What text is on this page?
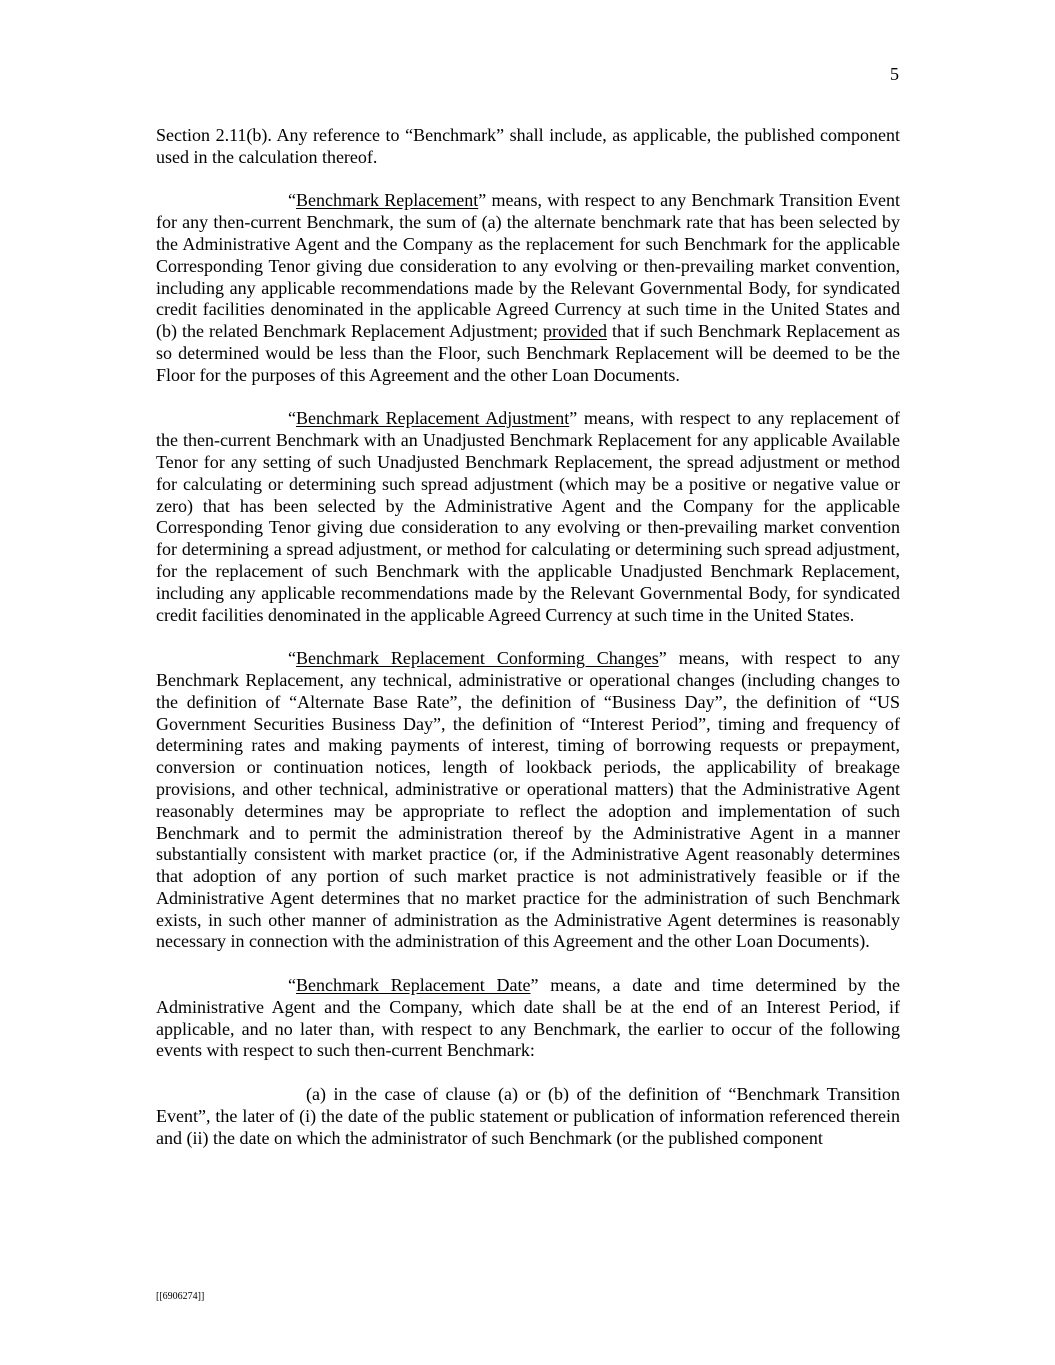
5

Section 2.11(b). Any reference to “Benchmark” shall include, as applicable, the published component used in the calculation thereof.

“Benchmark Replacement” means, with respect to any Benchmark Transition Event for any then-current Benchmark, the sum of (a) the alternate benchmark rate that has been selected by the Administrative Agent and the Company as the replacement for such Benchmark for the applicable Corresponding Tenor giving due consideration to any evolving or then-prevailing market convention, including any applicable recommendations made by the Relevant Governmental Body, for syndicated credit facilities denominated in the applicable Agreed Currency at such time in the United States and (b) the related Benchmark Replacement Adjustment; provided that if such Benchmark Replacement as so determined would be less than the Floor, such Benchmark Replacement will be deemed to be the Floor for the purposes of this Agreement and the other Loan Documents.

“Benchmark Replacement Adjustment” means, with respect to any replacement of the then-current Benchmark with an Unadjusted Benchmark Replacement for any applicable Available Tenor for any setting of such Unadjusted Benchmark Replacement, the spread adjustment or method for calculating or determining such spread adjustment (which may be a positive or negative value or zero) that has been selected by the Administrative Agent and the Company for the applicable Corresponding Tenor giving due consideration to any evolving or then-prevailing market convention for determining a spread adjustment, or method for calculating or determining such spread adjustment, for the replacement of such Benchmark with the applicable Unadjusted Benchmark Replacement, including any applicable recommendations made by the Relevant Governmental Body, for syndicated credit facilities denominated in the applicable Agreed Currency at such time in the United States.

“Benchmark Replacement Conforming Changes” means, with respect to any Benchmark Replacement, any technical, administrative or operational changes (including changes to the definition of “Alternate Base Rate”, the definition of “Business Day”, the definition of “US Government Securities Business Day”, the definition of “Interest Period”, timing and frequency of determining rates and making payments of interest, timing of borrowing requests or prepayment, conversion or continuation notices, length of lookback periods, the applicability of breakage provisions, and other technical, administrative or operational matters) that the Administrative Agent reasonably determines may be appropriate to reflect the adoption and implementation of such Benchmark and to permit the administration thereof by the Administrative Agent in a manner substantially consistent with market practice (or, if the Administrative Agent reasonably determines that adoption of any portion of such market practice is not administratively feasible or if the Administrative Agent determines that no market practice for the administration of such Benchmark exists, in such other manner of administration as the Administrative Agent determines is reasonably necessary in connection with the administration of this Agreement and the other Loan Documents).

“Benchmark Replacement Date” means, a date and time determined by the Administrative Agent and the Company, which date shall be at the end of an Interest Period, if applicable, and no later than, with respect to any Benchmark, the earlier to occur of the following events with respect to such then-current Benchmark:

(a) in the case of clause (a) or (b) of the definition of “Benchmark Transition Event”, the later of (i) the date of the public statement or publication of information referenced therein and (ii) the date on which the administrator of such Benchmark (or the published component

[[6906274]]
